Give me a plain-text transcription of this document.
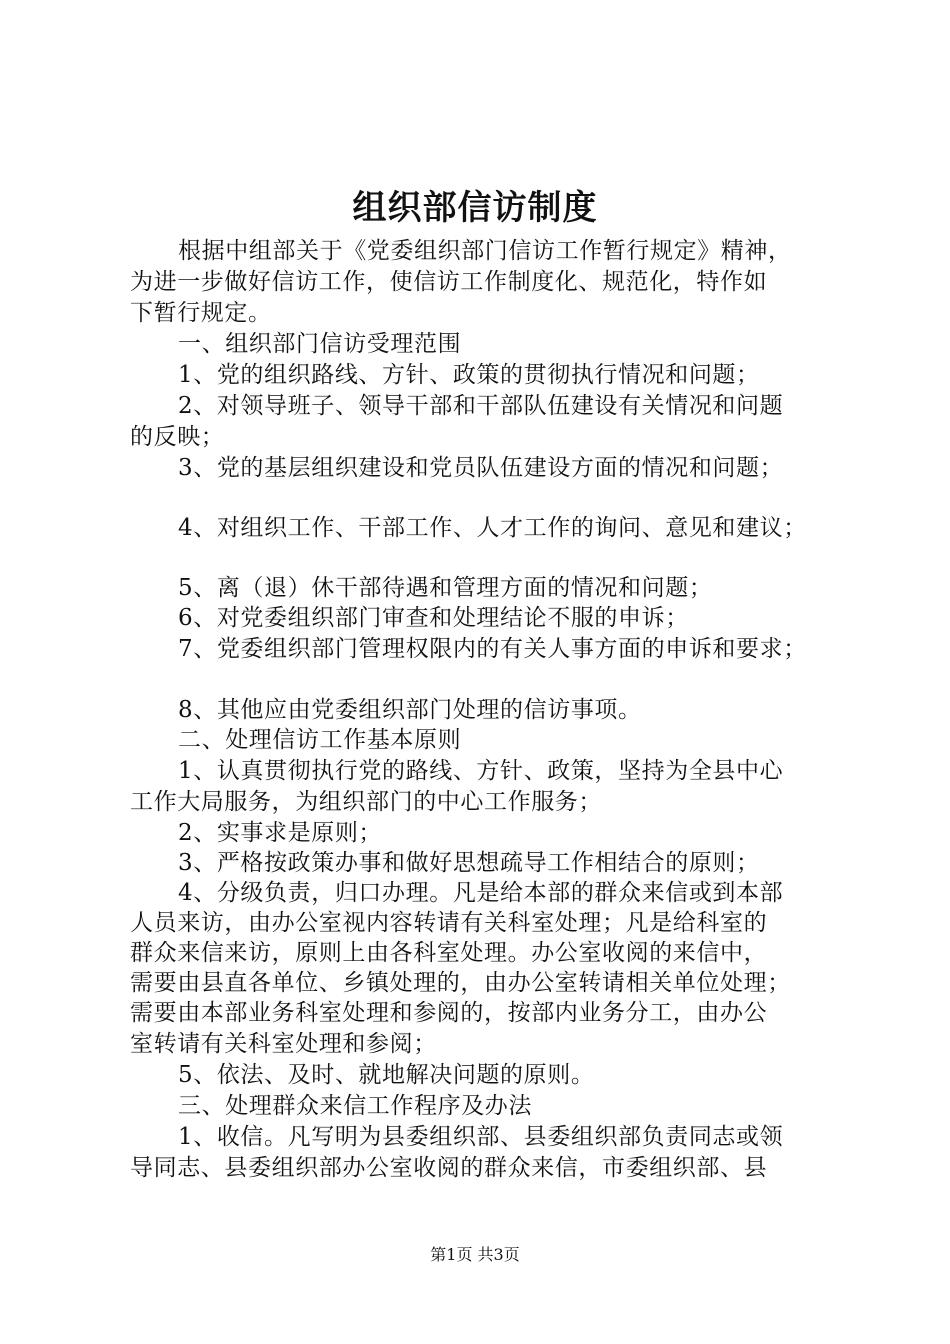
组织部信访制度
根据中组部关于《党委组织部门信访工作暂行规定》精神，
为进一步做好信访工作，使信访工作制度化、规范化，特作如
下暂行规定。
一、组织部门信访受理范围
1、党的组织路线、方针、政策的贯彻执行情况和问题；
2、对领导班子、领导干部和干部队伍建设有关情况和问题
的反映；
3、党的基层组织建设和党员队伍建设方面的情况和问题；
4、对组织工作、干部工作、人才工作的询问、意见和建议；
5、离（退）休干部待遇和管理方面的情况和问题；
6、对党委组织部门审查和处理结论不服的申诉；
7、党委组织部门管理权限内的有关人事方面的申诉和要求；
8、其他应由党委组织部门处理的信访事项。
二、处理信访工作基本原则
1、认真贯彻执行党的路线、方针、政策，坚持为全县中心
工作大局服务，为组织部门的中心工作服务；
2、实事求是原则；
3、严格按政策办事和做好思想疏导工作相结合的原则；
4、分级负责，归口办理。凡是给本部的群众来信或到本部
人员来访，由办公室视内容转请有关科室处理；凡是给科室的
群众来信来访，原则上由各科室处理。办公室收阅的来信中，
需要由县直各单位、乡镇处理的，由办公室转请相关单位处理；
需要由本部业务科室处理和参阅的，按部内业务分工，由办公
室转请有关科室处理和参阅；
5、依法、及时、就地解决问题的原则。
三、处理群众来信工作程序及办法
1、收信。凡写明为县委组织部、县委组织部负责同志或领
导同志、县委组织部办公室收阅的群众来信，市委组织部、县
第1页 共3页
